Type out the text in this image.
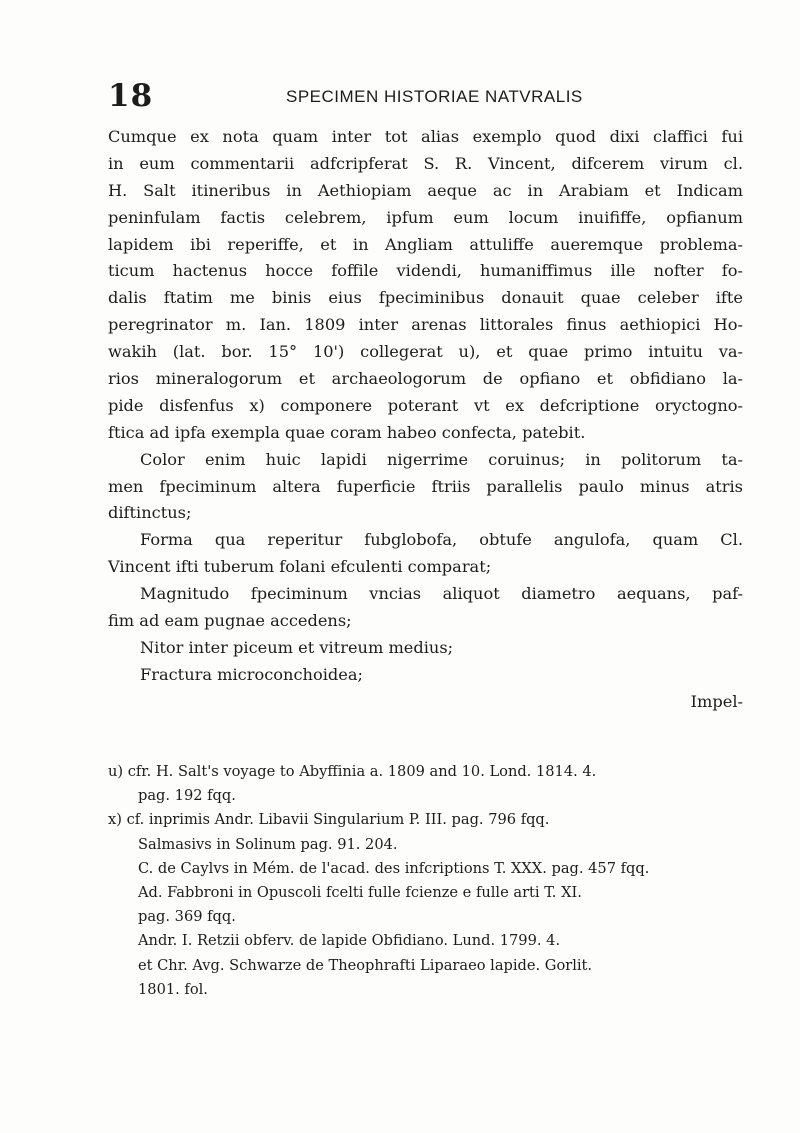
18	SPECIMEN HISTORIAE NATVRALIS
Cumque ex nota quam inter tot alias exemplo quod dixi claffici fui
in eum commentarii adfcripferat S. R. Vincent, difcerem virum cl.
H. Salt itineribus in Aethiopiam aeque ac in Arabiam et Indicam
peninfulam factis celebrem, ipfum eum locum inuififfe, opfianum
lapidem ibi reperiffe, et in Angliam attuliffe aueremque problema-
ticum hactenus hocce foffile videndi, humaniffimus ille nofter fo-
dalis ftatim me binis eius fpeciminibus donauit quae celeber ifte
peregrinator m. Ian. 1809 inter arenas littorales finus aethiopici Ho-
wakih (lat. bor. 15° 10') collegerat u), et quae primo intuitu va-
rios mineralogorum et archaeologorum de opfiano et obfidiano la-
pide disfenfus x) componere poterant vt ex defcriptione oryctogno-
ftica ad ipfa exempla quae coram habeo confecta, patebit.
Color enim huic lapidi nigerrime coruinus; in politorum ta-
men fpeciminum altera fuperficie ftriis parallelis paulo minus atris
diftinctus;
Forma qua reperitur fubglobofa, obtufe angulofa, quam Cl.
Vincent ifti tuberum folani efculenti comparat;
Magnitudo fpeciminum vncias aliquot diametro aequans, paf-
fim ad eam pugnae accedens;
Nitor inter piceum et vitreum medius;
Fractura microconchoidea;
Impel-
u) cfr. H. Salt's voyage to Abyffinia a. 1809 and 10. Lond. 1814. 4.
pag. 192 fqq.
x) cf. inprimis Andr. Libavii Singularium P. III. pag. 796 fqq.
Salmasivs in Solinum pag. 91. 204.
C. de Caylvs in Mém. de l'acad. des infcriptions T. XXX. pag. 457 fqq.
Ad. Fabbroni in Opuscoli fcelti fulle fcienze e fulle arti T. XI.
pag. 369 fqq.
Andr. I. Retzii obferv. de lapide Obfidiano. Lund. 1799. 4.
et Chr. Avg. Schwarze de Theophrafti Liparaeo lapide. Gorlit.
1801. fol.
